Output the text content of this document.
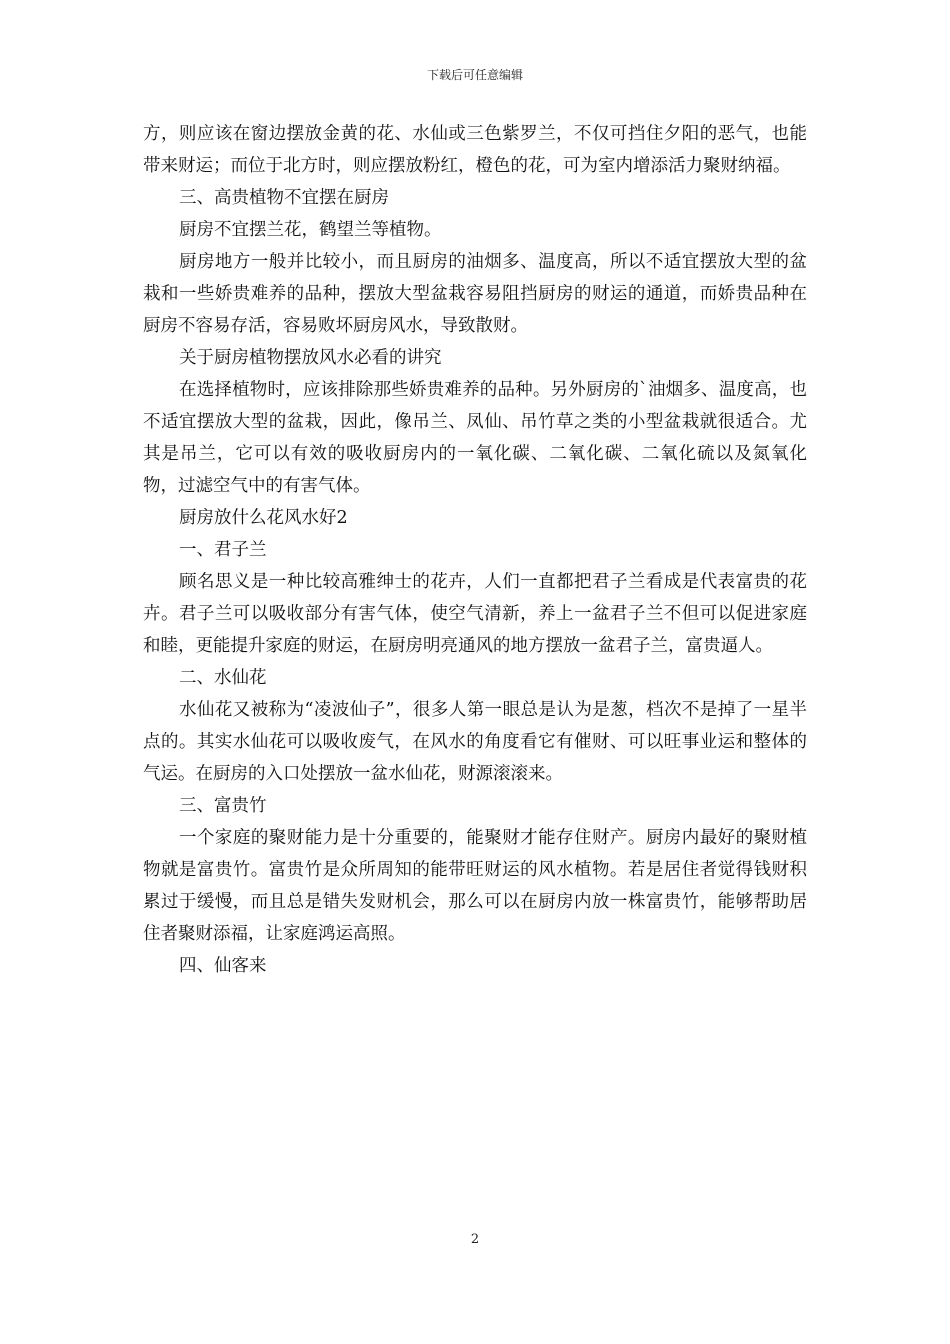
下载后可任意编辑

方，则应该在窗边摆放金黄的花、水仙或三色紫罗兰，不仅可挡住夕阳的恶气，也能带来财运；而位于北方时，则应摆放粉红，橙色的花，可为室内增添活力聚财纳福。

三、高贵植物不宜摆在厨房

厨房不宜摆兰花，鹤望兰等植物。

厨房地方一般并比较小，而且厨房的油烟多、温度高，所以不适宜摆放大型的盆栽和一些娇贵难养的品种，摆放大型盆栽容易阻挡厨房的财运的通道，而娇贵品种在厨房不容易存活，容易败坏厨房风水，导致散财。

关于厨房植物摆放风水必看的讲究

在选择植物时，应该排除那些娇贵难养的品种。另外厨房的`油烟多、温度高，也不适宜摆放大型的盆栽，因此，像吊兰、凤仙、吊竹草之类的小型盆栽就很适合。尤其是吊兰，它可以有效的吸收厨房内的一氧化碳、二氧化碳、二氧化硫以及氮氧化物，过滤空气中的有害气体。

厨房放什么花风水好2

一、君子兰

顾名思义是一种比较高雅绅士的花卉，人们一直都把君子兰看成是代表富贵的花卉。君子兰可以吸收部分有害气体，使空气清新，养上一盆君子兰不但可以促进家庭和睦，更能提升家庭的财运，在厨房明亮通风的地方摆放一盆君子兰，富贵逼人。

二、水仙花

水仙花又被称为“凌波仙子”，很多人第一眼总是认为是葱，档次不是掉了一星半点的。其实水仙花可以吸收废气，在风水的角度看它有催财、可以旺事业运和整体的气运。在厨房的入口处摆放一盆水仙花，财源滚滚来。

三、富贵竹

一个家庭的聚财能力是十分重要的，能聚财才能存住财产。厨房内最好的聚财植物就是富贵竹。富贵竹是众所周知的能带旺财运的风水植物。若是居住者觉得钱财积累过于缓慢，而且总是错失发财机会，那么可以在厨房内放一株富贵竹，能够帮助居住者聚财添福，让家庭鸿运高照。

四、仙客来

2
